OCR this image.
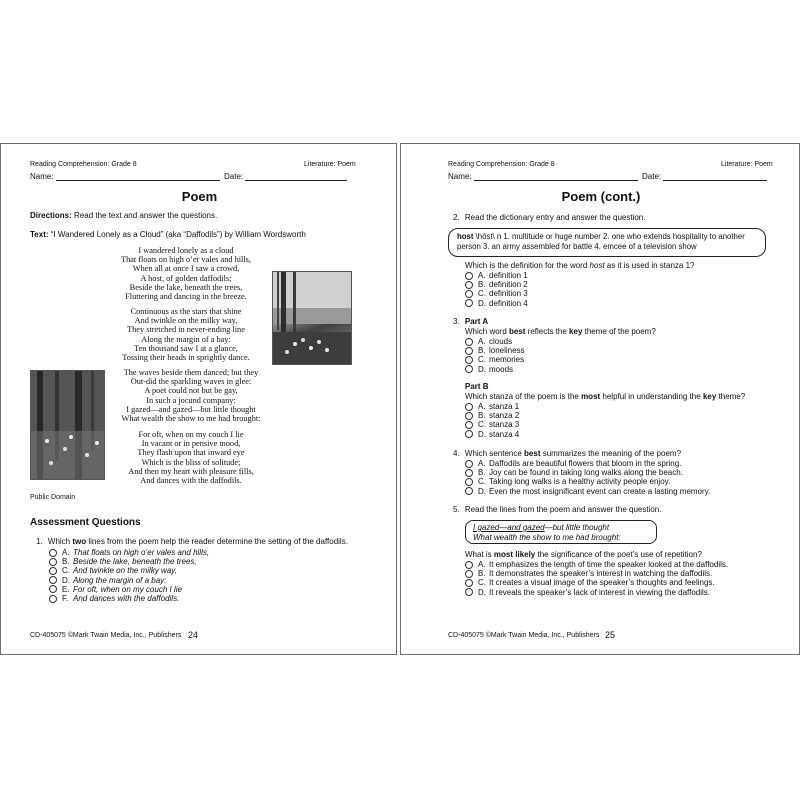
Reading Comprehension: Grade 8	Literature: Poem
Name:	Date:
Poem
Directions: Read the text and answer the questions.
Text: “I Wandered Lonely as a Cloud” (aka “Daffodils”) by William Wordsworth
I wandered lonely as a cloud
That floats on high o’er vales and hills,
When all at once I saw a crowd,
A host, of golden daffodils;
Beside the lake, beneath the trees,
Fluttering and dancing in the breeze.
Continuous as the stars that shine
And twinkle on the milky way,
They stretched in never-ending line
Along the margin of a bay:
Ten thousand saw I at a glance,
Tossing their heads in sprightly dance.
The waves beside them danced; but they
Out-did the sparkling waves in glee:
A poet could not but be gay,
In such a jocund company:
I gazed—and gazed—but little thought
What wealth the show to me had brought:
For oft, when on my couch I lie
In vacant or in pensive mood,
They flash upon that inward eye
Which is the bliss of solitude;
And then my heart with pleasure fills,
And dances with the daffodils.
Public Domain
Assessment Questions
1. Which two lines from the poem help the reader determine the setting of the daffodils.
A. That floats on high o’er vales and hills,
B. Beside the lake, beneath the trees,
C. And twinkle on the milky way,
D. Along the margin of a bay:
E. For oft, when on my couch I lie
F. And dances with the daffodils.
CD-405075 ©Mark Twain Media, Inc., Publishers 24
Reading Comprehension: Grade 8	Literature: Poem
Name:	Date:
Poem (cont.)
2. Read the dictionary entry and answer the question.
host \hōst\ n 1. multitude or huge number 2. one who extends hospitality to another
person 3. an army assembled for battle 4. emcee of a television show
Which is the definition for the word host as it is used in stanza 1?
A. definition 1
B. definition 2
C. definition 3
D. definition 4
3. Part A
Which word best reflects the key theme of the poem?
A. clouds
B. loneliness
C. memories
D. moods
Part B
Which stanza of the poem is the most helpful in understanding the key theme?
A. stanza 1
B. stanza 2
C. stanza 3
D. stanza 4
4. Which sentence best summarizes the meaning of the poem?
A. Daffodils are beautiful flowers that bloom in the spring.
B. Joy can be found in taking long walks along the beach.
C. Taking long walks is a healthy activity people enjoy.
D. Even the most insignificant event can create a lasting memory.
5. Read the lines from the poem and answer the question.
I gazed—and gazed—but little thought
What wealth the show to me had brought:
What is most likely the significance of the poet’s use of repetition?
A. It emphasizes the length of time the speaker looked at the daffodils.
B. It demonstrates the speaker’s interest in watching the daffodils.
C. It creates a visual image of the speaker’s thoughts and feelings.
D. It reveals the speaker’s lack of interest in viewing the daffodils.
CD-405075 ©Mark Twain Media, Inc., Publishers 25
